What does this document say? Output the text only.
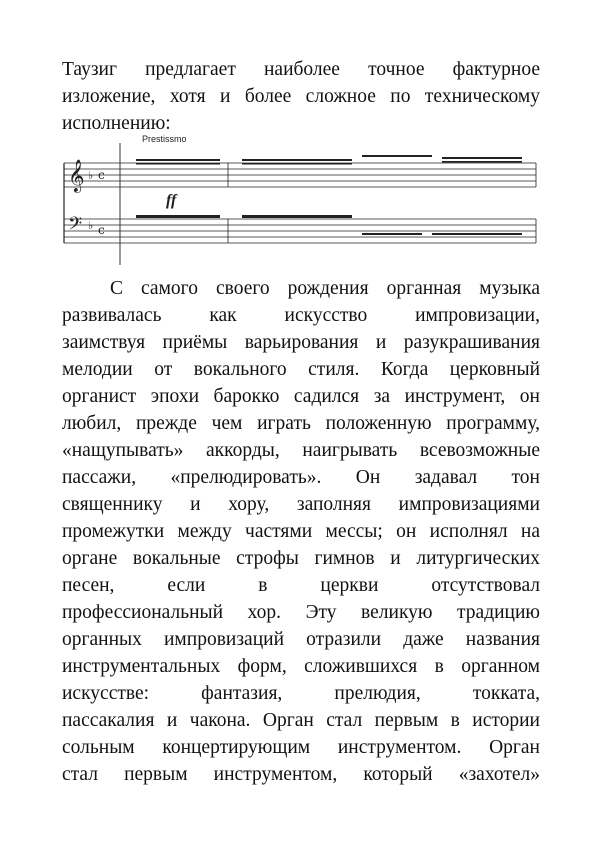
Таузиг предлагает наиболее точное фактурное
изложение, хотя и более сложное по техническому
исполнению:
𝄞
𝄢
♭
♭
c
c
Prestissmo
ff
С самого своего рождения органная музыка
развивалась как искусство импровизации,
заимствуя приёмы варьирования и разукрашивания
мелодии от вокального стиля. Когда церковный
органист эпохи барокко садился за инструмент, он
любил, прежде чем играть положенную программу,
«нащупывать» аккорды, наигрывать всевозможные
пассажи, «прелюдировать». Он задавал тон
священнику и хору, заполняя импровизациями
промежутки между частями мессы; он исполнял на
органе вокальные строфы гимнов и литургических
песен, если в церкви отсутствовал
профессиональный хор. Эту великую традицию
органных импровизаций отразили даже названия
инструментальных форм, сложившихся в органном
искусстве: фантазия, прелюдия, токката,
пассакалия и чакона. Орган стал первым в истории
сольным концертирующим инструментом. Орган
стал первым инструментом, который «захотел»
